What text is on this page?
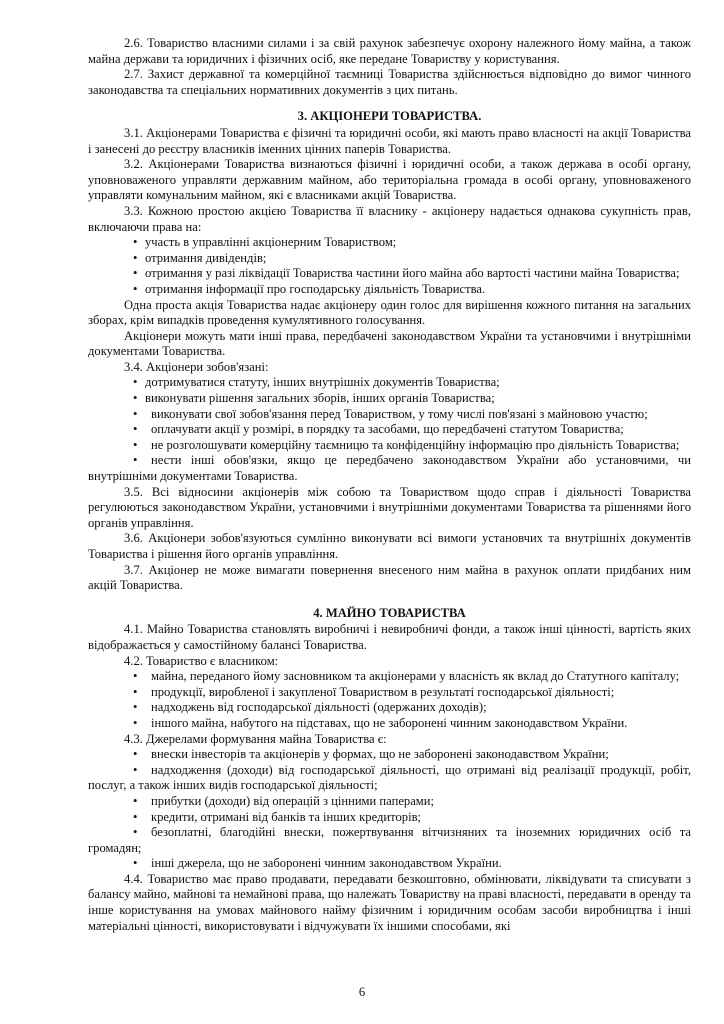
2.6. Товариство власними силами і за свій рахунок забезпечує охорону належного йому майна, а також майна держави та юридичних і фізичних осіб, яке передане Товариству у користування.

2.7. Захист державної та комерційної таємниці Товариства здійснюється відповідно до вимог чинного законодавства та спеціальних нормативних документів з цих питань.

3. АКЦІОНЕРИ ТОВАРИСТВА.

3.1. Акціонерами Товариства є фізичні та юридичні особи, які мають право власності на акції Товариства і занесені до реєстру власників іменних цінних паперів Товариства.

3.2. Акціонерами Товариства визнаються фізичні і юридичні особи, а також держава в особі органу, уповноваженого управляти державним майном, або територіальна громада в особі органу, уповноваженого управляти комунальним майном, які є власниками акцій Товариства.

3.3. Кожною простою акцією Товариства її власнику - акціонеру надається однакова сукупність прав, включаючи права на:

• участь в управлінні акціонерним Товариством;

• отримання дивідендів;

• отримання у разі ліквідації Товариства частини його майна або вартості частини майна Товариства;

• отримання інформації про господарську діяльність Товариства.

Одна проста акція Товариства надає акціонеру один голос для вирішення кожного питання на загальних зборах, крім випадків проведення кумулятивного голосування.

Акціонери можуть мати інші права, передбачені законодавством України та установчими і внутрішніми документами Товариства.

3.4. Акціонери зобов'язані:

• дотримуватися статуту, інших внутрішніх документів Товариства;

• виконувати рішення загальних зборів, інших органів Товариства;

• виконувати свої зобов'язання перед Товариством, у тому числі пов'язані з майновою участю;

• оплачувати акції у розмірі, в порядку та засобами, що передбачені статутом Товариства;

• не розголошувати комерційну таємницю та конфіденційну інформацію про діяльність Товариства;

• нести інші обов'язки, якщо це передбачено законодавством України або установчими, чи внутрішніми документами Товариства.

3.5. Всі відносини акціонерів між собою та Товариством щодо справ і діяльності Товариства регулюються законодавством України, установчими і внутрішніми документами Товариства та рішеннями його органів управління.

3.6. Акціонери зобов'язуються сумлінно виконувати всі вимоги установчих та внутрішніх документів Товариства і рішення його органів управління.

3.7. Акціонер не може вимагати повернення внесеного ним майна в рахунок оплати придбаних ним акцій Товариства.

4. МАЙНО ТОВАРИСТВА

4.1. Майно Товариства становлять виробничі і невиробничі фонди, а також інші цінності, вартість яких відображається у самостійному балансі Товариства.

4.2. Товариство є власником:

• майна, переданого йому засновником та акціонерами у власність як вклад до Статутного капіталу;

• продукції, виробленої і закупленої Товариством в результаті господарської діяльності;

• надходжень від господарської діяльності (одержаних доходів);

• іншого майна, набутого на підставах, що не заборонені чинним законодавством України.

4.3. Джерелами формування майна Товариства є:

• внески інвесторів та акціонерів у формах, що не заборонені законодавством України;

• надходження (доходи) від господарської діяльності, що отримані від реалізації продукції, робіт, послуг, а також інших видів господарської діяльності;

• прибутки (доходи) від операцій з цінними паперами;

• кредити, отримані від банків та інших кредиторів;

• безоплатні, благодійні внески, пожертвування вітчизняних та іноземних юридичних осіб та громадян;

• інші джерела, що не заборонені чинним законодавством України.

4.4. Товариство має право продавати, передавати безкоштовно, обмінювати, ліквідувати та списувати з балансу майно, майнові та немайнові права, що належать Товариству на праві власності, передавати в оренду та інше користування на умовах майнового найму фізичним і юридичним особам засоби виробництва і інші матеріальні цінності, використовувати і відчужувати їх іншими способами, які

6
